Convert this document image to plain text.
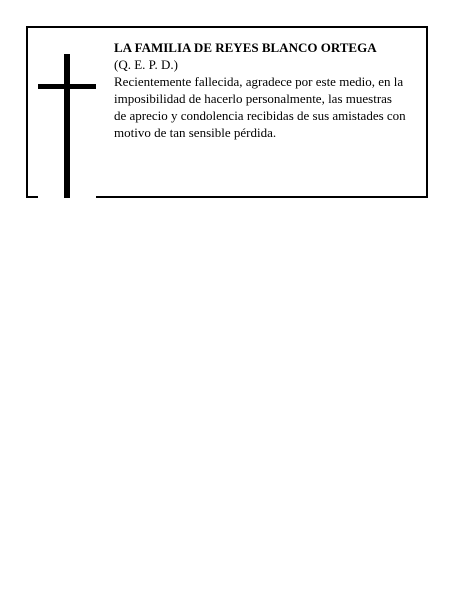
LA FAMILIA DE REYES BLANCO ORTEGA

(Q. E. P. D.)

Recientemente fallecida, agradece por este medio, en la
imposibilidad de hacerlo personalmente, las muestras
de aprecio y condolencia recibidas de sus amistades con
motivo de tan sensible pérdida.
